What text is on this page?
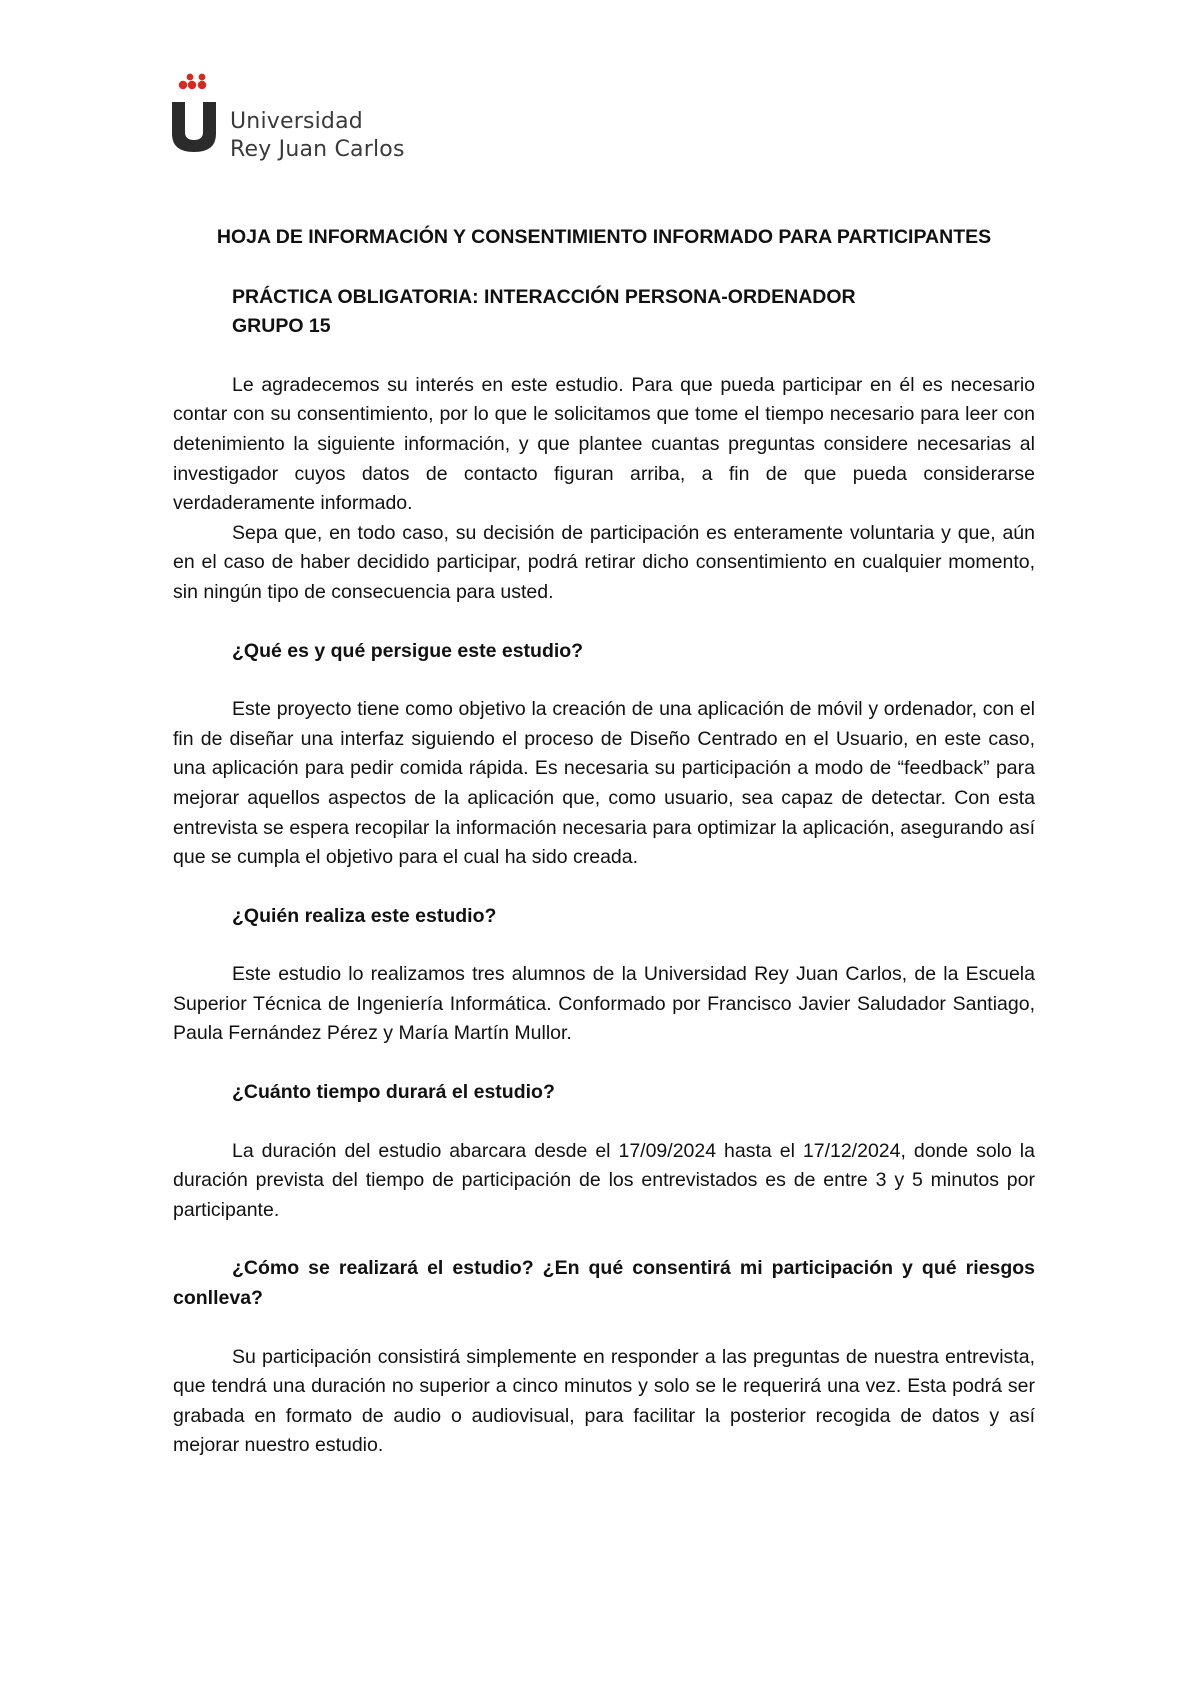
Universidad
Rey Juan Carlos
HOJA DE INFORMACIÓN Y CONSENTIMIENTO INFORMADO PARA PARTICIPANTES
PRÁCTICA OBLIGATORIA: INTERACCIÓN PERSONA-ORDENADOR
GRUPO 15

Le agradecemos su interés en este estudio. Para que pueda participar en él es necesario contar con su consentimiento, por lo que le solicitamos que tome el tiempo necesario para leer con detenimiento la siguiente información, y que plantee cuantas preguntas considere necesarias al investigador cuyos datos de contacto figuran arriba, a fin de que pueda considerarse verdaderamente informado.

Sepa que, en todo caso, su decisión de participación es enteramente voluntaria y que, aún en el caso de haber decidido participar, podrá retirar dicho consentimiento en cualquier momento, sin ningún tipo de consecuencia para usted.

¿Qué es y qué persigue este estudio?

Este proyecto tiene como objetivo la creación de una aplicación de móvil y ordenador, con el fin de diseñar una interfaz siguiendo el proceso de Diseño Centrado en el Usuario, en este caso, una aplicación para pedir comida rápida. Es necesaria su participación a modo de “feedback” para mejorar aquellos aspectos de la aplicación que, como usuario, sea capaz de detectar. Con esta entrevista se espera recopilar la información necesaria para optimizar la aplicación, asegurando así que se cumpla el objetivo para el cual ha sido creada.

¿Quién realiza este estudio?

Este estudio lo realizamos tres alumnos de la Universidad Rey Juan Carlos, de la Escuela Superior Técnica de Ingeniería Informática. Conformado por Francisco Javier Saludador Santiago, Paula Fernández Pérez y María Martín Mullor.

¿Cuánto tiempo durará el estudio?

La duración del estudio abarcara desde el 17/09/2024 hasta el 17/12/2024, donde solo la duración prevista del tiempo de participación de los entrevistados es de entre 3 y 5 minutos por participante.

¿Cómo se realizará el estudio? ¿En qué consentirá mi participación y qué riesgos conlleva?

Su participación consistirá simplemente en responder a las preguntas de nuestra entrevista, que tendrá una duración no superior a cinco minutos y solo se le requerirá una vez. Esta podrá ser grabada en formato de audio o audiovisual, para facilitar la posterior recogida de datos y así mejorar nuestro estudio.
